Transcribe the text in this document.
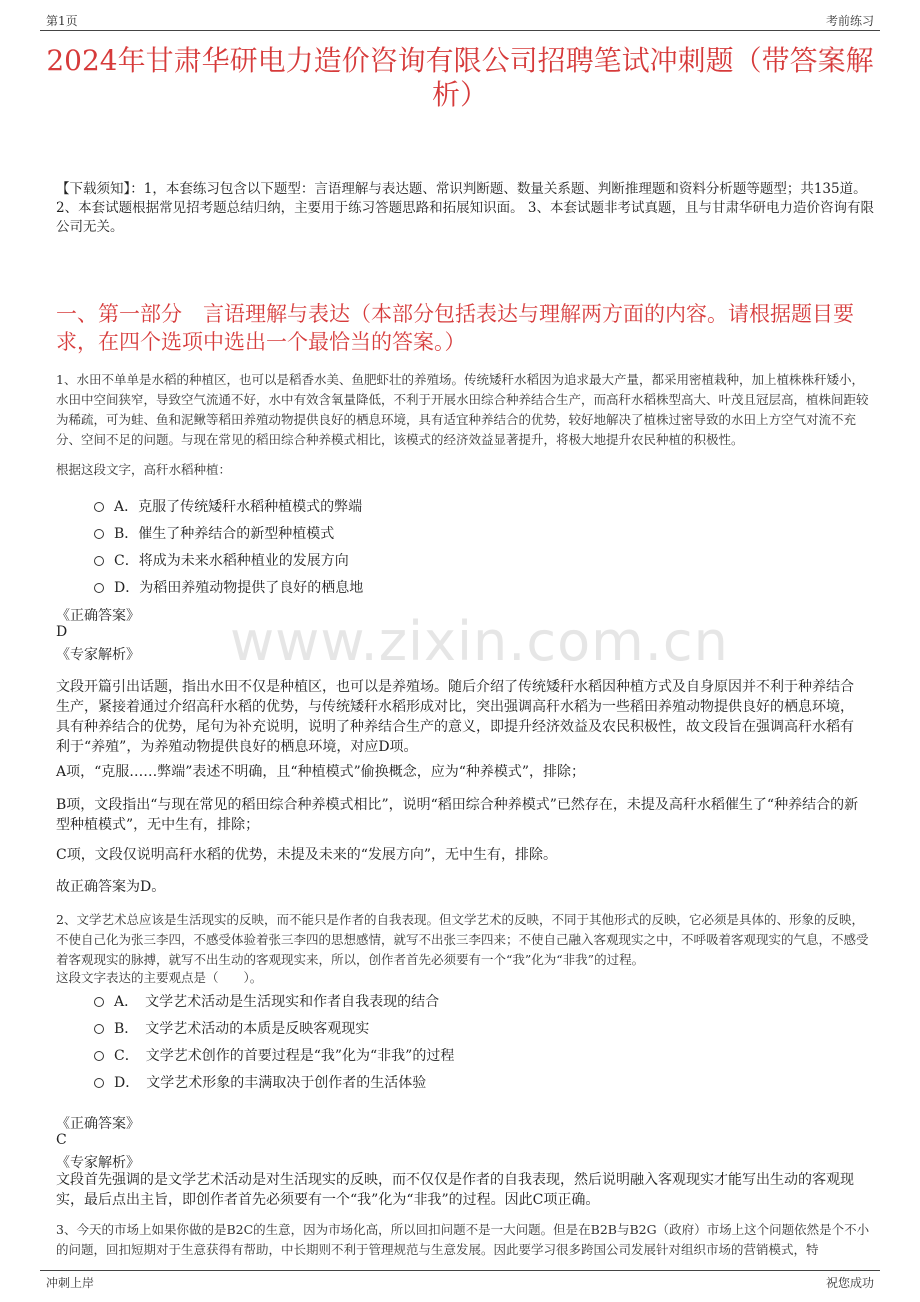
第1页	考前练习
2024年甘肃华研电力造价咨询有限公司招聘笔试冲刺题（带答案解析）
【下载须知】：1，本套练习包含以下题型：言语理解与表达题、常识判断题、数量关系题、判断推理题和资料分析题等题型；共135道。 2、本套试题根据常见招考题总结归纳，主要用于练习答题思路和拓展知识面。 3、本套试题非考试真题，且与甘肃华研电力造价咨询有限公司无关。
一、第一部分　言语理解与表达（本部分包括表达与理解两方面的内容。请根据题目要求，在四个选项中选出一个最恰当的答案。）
www.zixin.com.cn
1、水田不单单是水稻的种植区，也可以是稻香水美、鱼肥虾壮的养殖场。传统矮秆水稻因为追求最大产量，都采用密植栽种，加上植株株秆矮小，水田中空间狭窄，导致空气流通不好，水中有效含氧量降低，不利于开展水田综合种养结合生产，而高秆水稻株型高大、叶茂且冠层高，植株间距较为稀疏，可为蛙、鱼和泥鳅等稻田养殖动物提供良好的栖息环境，具有适宜种养结合的优势，较好地解决了植株过密导致的水田上方空气对流不充分、空间不足的问题。与现在常见的稻田综合种养模式相比，该模式的经济效益显著提升，将极大地提升农民种植的积极性。
根据这段文字，高秆水稻种植：
A．克服了传统矮秆水稻种植模式的弊端
B．催生了种养结合的新型种植模式
C．将成为未来水稻种植业的发展方向
D．为稻田养殖动物提供了良好的栖息地
《正确答案》
D
《专家解析》
文段开篇引出话题，指出水田不仅是种植区，也可以是养殖场。随后介绍了传统矮秆水稻因种植方式及自身原因并不利于种养结合生产，紧接着通过介绍高秆水稻的优势，与传统矮秆水稻形成对比，突出强调高秆水稻为一些稻田养殖动物提供良好的栖息环境，具有种养结合的优势，尾句为补充说明，说明了种养结合生产的意义，即提升经济效益及农民积极性，故文段旨在强调高秆水稻有利于“养殖”，为养殖动物提供良好的栖息环境，对应D项。
A项，“克服……弊端”表述不明确，且“种植模式”偷换概念，应为“种养模式”，排除；
B项，文段指出“与现在常见的稻田综合种养模式相比”，说明“稻田综合种养模式”已然存在，未提及高秆水稻催生了“种养结合的新型种植模式”，无中生有，排除；
C项，文段仅说明高秆水稻的优势，未提及未来的“发展方向”，无中生有，排除。
故正确答案为D。
2、文学艺术总应该是生活现实的反映，而不能只是作者的自我表现。但文学艺术的反映，不同于其他形式的反映，它必须是具体的、形象的反映，不使自己化为张三李四，不感受体验着张三李四的思想感情，就写不出张三李四来；不使自己融入客观现实之中，不呼吸着客观现实的气息，不感受着客观现实的脉搏，就写不出生动的客观现实来，所以，创作者首先必须要有一个“我”化为“非我”的过程。
这段文字表达的主要观点是（　　）。
A．　文学艺术活动是生活现实和作者自我表现的结合
B．　文学艺术活动的本质是反映客观现实
C．　文学艺术创作的首要过程是“我”化为“非我”的过程
D．　文学艺术形象的丰满取决于创作者的生活体验
《正确答案》
C
《专家解析》
文段首先强调的是文学艺术活动是对生活现实的反映，而不仅仅是作者的自我表现，然后说明融入客观现实才能写出生动的客观现实，最后点出主旨，即创作者首先必须要有一个“我”化为“非我”的过程。因此C项正确。
3、今天的市场上如果你做的是B2C的生意，因为市场化高，所以回扣问题不是一大问题。但是在B2B与B2G（政府）市场上这个问题依然是个不小的问题，回扣短期对于生意获得有帮助，中长期则不利于管理规范与生意发展。因此要学习很多跨国公司发展针对组织市场的营销模式，特
冲刺上岸	祝您成功
